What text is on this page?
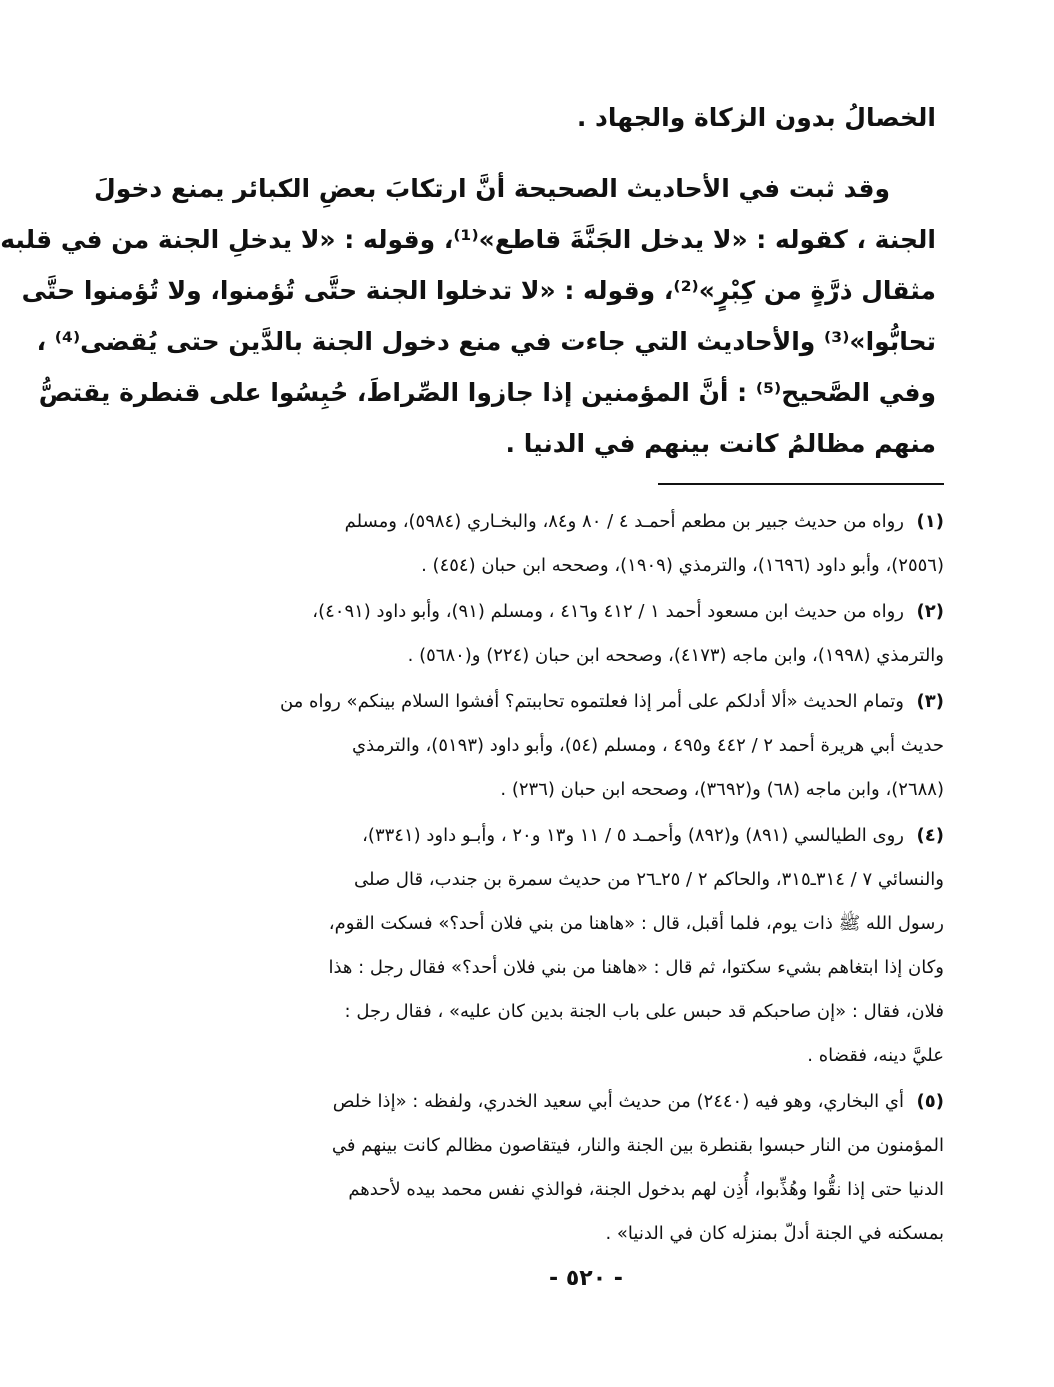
الخصالُ بدون الزكاة والجهاد .
وقد ثبت في الأحاديث الصحيحة أنَّ ارتكابَ بعضِ الكبائر يمنع دخولَ
الجنة ، كقوله : «لا يدخل الجَنَّةَ قاطع»⁽¹⁾، وقوله : «لا يدخلِ الجنة من في قلبه
مثقال ذرَّةٍ من كِبْرٍ»⁽²⁾، وقوله : «لا تدخلوا الجنة حتَّى تُؤمنوا، ولا تُؤمنوا حتَّى
تحابُّوا»⁽³⁾ والأحاديث التي جاءت في منع دخول الجنة بالدَّين حتى يُقضى⁽⁴⁾ ،
وفي الصَّحيح⁽⁵⁾ : أنَّ المؤمنين إذا جازوا الصِّراطَ، حُبِسُوا على قنطرة يقتصُّ
منهم مظالمُ كانت بينهم في الدنيا .
(١)رواه من حديث جبير بن مطعم أحمـد ٤ / ٨٠ و٨٤، والبخـاري (٥٩٨٤)، ومسلم
(٢٥٥٦)، وأبو داود (١٦٩٦)، والترمذي (١٩٠٩)، وصححه ابن حبان (٤٥٤) .
(٢)رواه من حديث ابن مسعود أحمد ١ / ٤١٢ و٤١٦ ، ومسلم (٩١)، وأبو داود (٤٠٩١)،
والترمذي (١٩٩٨)، وابن ماجه (٤١٧٣)، وصححه ابن حبان (٢٢٤) و(٥٦٨٠) .
(٣)وتمام الحديث «ألا أدلكم على أمر إذا فعلتموه تحاببتم؟ أفشوا السلام بينكم» رواه من
حديث أبي هريرة أحمد ٢ / ٤٤٢ و٤٩٥ ، ومسلم (٥٤)، وأبو داود (٥١٩٣)، والترمذي
(٢٦٨٨)، وابن ماجه (٦٨) و(٣٦٩٢)، وصححه ابن حبان (٢٣٦) .
(٤)روى الطيالسي (٨٩١) و(٨٩٢) وأحمـد ٥ / ١١ و١٣ و٢٠ ، وأبـو داود (٣٣٤١)،
والنسائي ٧ / ٣١٤ـ٣١٥، والحاكم ٢ / ٢٥ـ٢٦ من حديث سمرة بن جندب، قال صلى
رسول الله ﷺ ذات يوم، فلما أقبل، قال : «هاهنا من بني فلان أحد؟» فسكت القوم،
وكان إذا ابتغاهم بشيء سكتوا، ثم قال : «هاهنا من بني فلان أحد؟» فقال رجل : هذا
فلان، فقال : «إن صاحبكم قد حبس على باب الجنة بدين كان عليه» ، فقال رجل :
عليَّ دينه، فقضاه .
(٥)أي البخاري، وهو فيه (٢٤٤٠) من حديث أبي سعيد الخدري، ولفظه : «إذا خلص
المؤمنون من النار حبسوا بقنطرة بين الجنة والنار، فيتقاصون مظالم كانت بينهم في
الدنيا حتى إذا نقُّوا وهُذِّبوا، أُذِن لهم بدخول الجنة، فوالذي نفس محمد بيده لأحدهم
بمسكنه في الجنة أدلّ بمنزله كان في الدنيا» .
- ٥٢٠ -
